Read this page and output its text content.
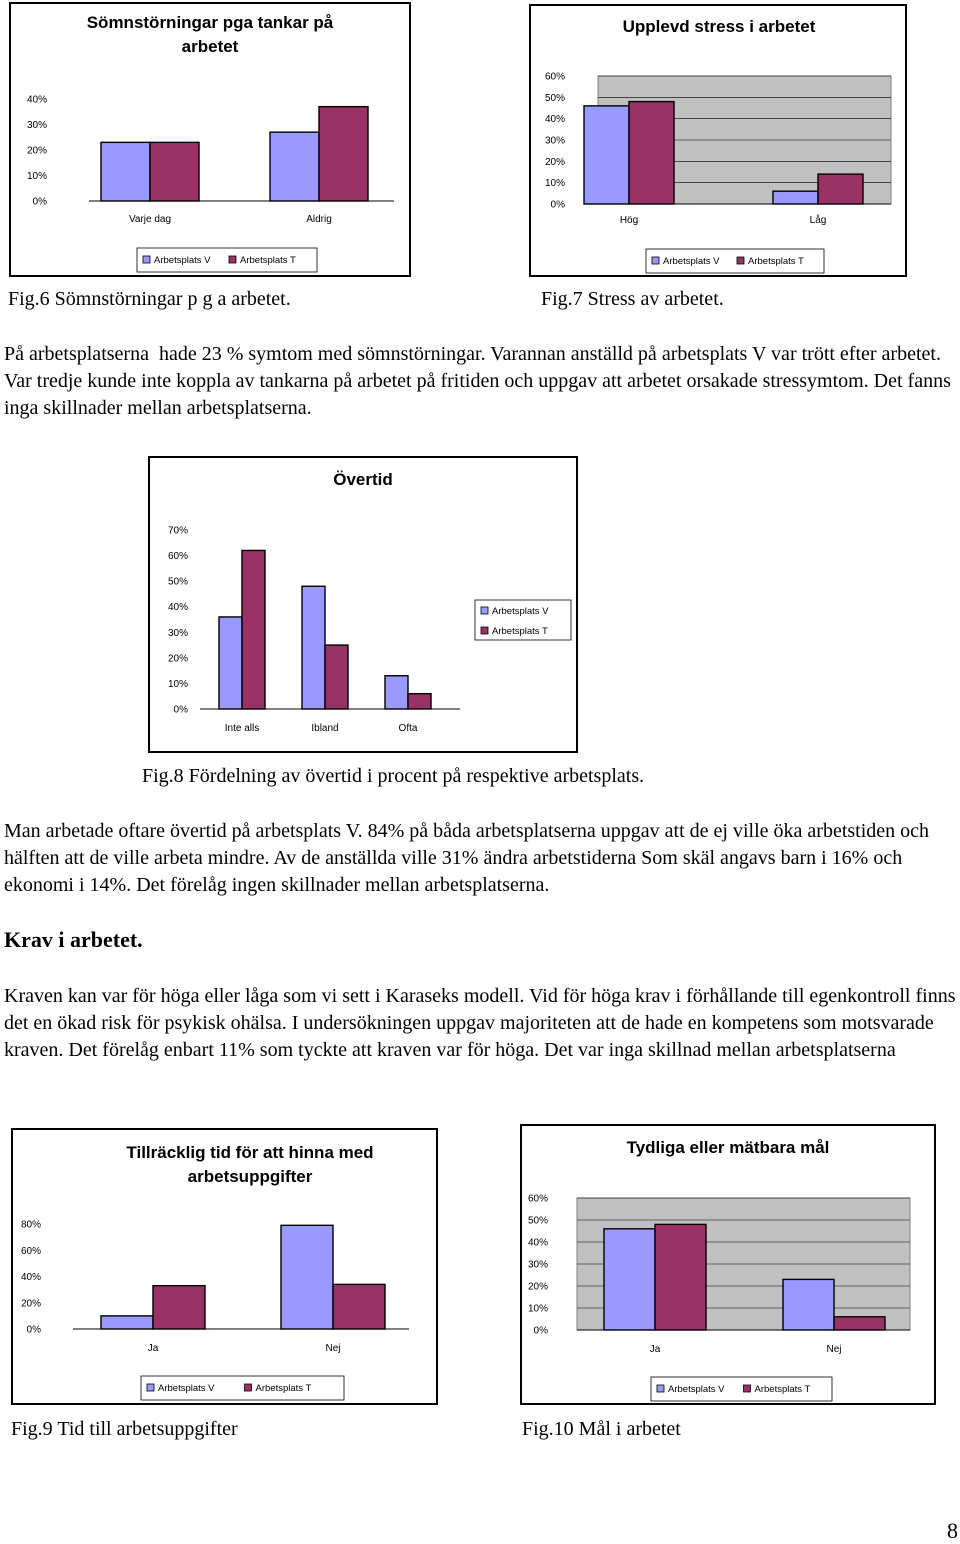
Sömnstörningar pga tankar på
arbetet
0%
10%
20%
30%
40%
Varje dag	Aldrig
Arbetsplats V	Arbetsplats T

Fig.6 Sömnstörningar p g a arbetet.

Upplevd stress i arbetet
0%
10%
20%
30%
40%
50%
60%
Hög	Låg
Arbetsplats V	Arbetsplats T

Fig.7 Stress av arbetet.

På arbetsplatserna  hade 23 % symtom med sömnstörningar. Varannan anställd på arbetsplats V var trött efter arbetet. Var tredje kunde inte koppla av tankarna på arbetet på fritiden och uppgav att arbetet orsakade stressymtom. Det fanns inga skillnader mellan arbetsplatserna.

Övertid
0%
10%
20%
30%
40%
50%
60%
70%
Inte alls	Ibland	Ofta
Arbetsplats V
Arbetsplats T

Fig.8 Fördelning av övertid i procent på respektive arbetsplats.

Man arbetade oftare övertid på arbetsplats V. 84% på båda arbetsplatserna uppgav att de ej ville öka arbetstiden och hälften att de ville arbeta mindre. Av de anställda ville 31% ändra arbetstiderna Som skäl angavs barn i 16% och ekonomi i 14%. Det förelåg ingen skillnader mellan arbetsplatserna.

Krav i arbetet.

Kraven kan var för höga eller låga som vi sett i Karaseks modell. Vid för höga krav i förhållande till egenkontroll finns det en ökad risk för psykisk ohälsa. I undersökningen uppgav majoriteten att de hade en kompetens som motsvarade kraven. Det förelåg enbart 11% som tyckte att kraven var för höga. Det var inga skillnad mellan arbetsplatserna

Tillräcklig tid för att hinna med
arbetsuppgifter
0%
20%
40%
60%
80%
Ja	Nej
Arbetsplats V	Arbetsplats T

Fig.9 Tid till arbetsuppgifter

Tydliga eller mätbara mål
0%
10%
20%
30%
40%
50%
60%
Ja	Nej
Arbetsplats V	Arbetsplats T

Fig.10 Mål i arbetet

8
